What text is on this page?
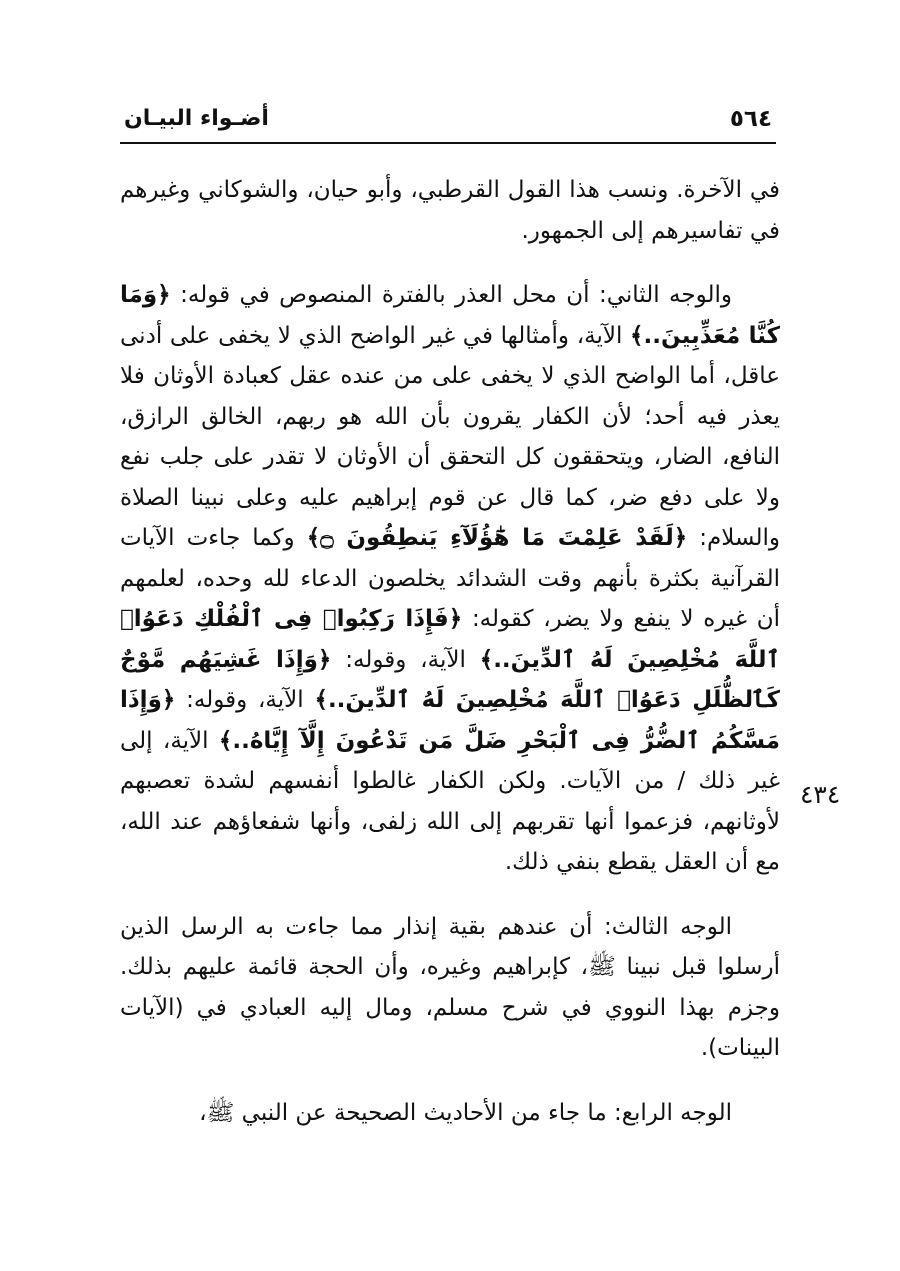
أضـواء البيـان	٥٦٤
٤٣٤

في الآخرة. ونسب هذا القول القرطبي، وأبو حيان، والشوكاني وغيرهم في تفاسيرهم إلى الجمهور.

والوجه الثاني: أن محل العذر بالفترة المنصوص في قوله: ﴿وَمَا كُنَّا مُعَذِّبِينَ..﴾ الآية، وأمثالها في غير الواضح الذي لا يخفى على أدنى عاقل، أما الواضح الذي لا يخفى على من عنده عقل كعبادة الأوثان فلا يعذر فيه أحد؛ لأن الكفار يقرون بأن الله هو ربهم، الخالق الرازق، النافع، الضار، ويتحققون كل التحقق أن الأوثان لا تقدر على جلب نفع ولا على دفع ضر، كما قال عن قوم إبراهيم عليه وعلى نبينا الصلاة والسلام: ﴿لَقَدْ عَلِمْتَ مَا هَٰٓؤُلَآءِ يَنطِقُونَ ۝﴾ وكما جاءت الآيات القرآنية بكثرة بأنهم وقت الشدائد يخلصون الدعاء لله وحده، لعلمهم أن غيره لا ينفع ولا يضر، كقوله: ﴿فَإِذَا رَكِبُوا۟ فِى ٱلْفُلْكِ دَعَوُا۟ ٱللَّهَ مُخْلِصِينَ لَهُ ٱلدِّينَ..﴾ الآية، وقوله: ﴿وَإِذَا غَشِيَهُم مَّوْجٌ كَٱلظُّلَلِ دَعَوُا۟ ٱللَّهَ مُخْلِصِينَ لَهُ ٱلدِّينَ..﴾ الآية، وقوله: ﴿وَإِذَا مَسَّكُمُ ٱلضُّرُّ فِى ٱلْبَحْرِ ضَلَّ مَن تَدْعُونَ إِلَّآ إِيَّاهُ..﴾ الآية، إلى غير ذلك / من الآيات. ولكن الكفار غالطوا أنفسهم لشدة تعصبهم لأوثانهم، فزعموا أنها تقربهم إلى الله زلفى، وأنها شفعاؤهم عند الله، مع أن العقل يقطع بنفي ذلك.

الوجه الثالث: أن عندهم بقية إنذار مما جاءت به الرسل الذين أرسلوا قبل نبينا ﷺ، كإبراهيم وغيره، وأن الحجة قائمة عليهم بذلك. وجزم بهذا النووي في شرح مسلم، ومال إليه العبادي في (الآيات البينات).

الوجه الرابع: ما جاء من الأحاديث الصحيحة عن النبي ﷺ،
